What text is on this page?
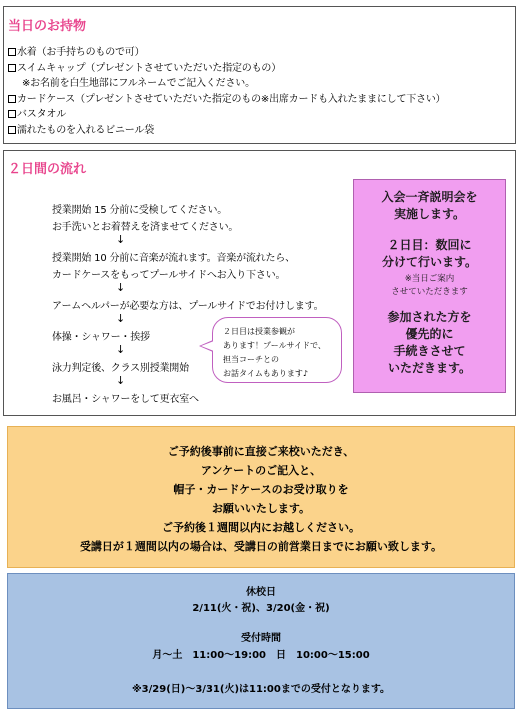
当日のお持物
水着（お手持ちのもので可）
スイムキャップ（プレゼントさせていただいた指定のもの）
※お名前を白生地部にフルネームでご記入ください。
カードケース（プレゼントさせていただいた指定のもの※出席カードも入れたままにして下さい）
バスタオル
濡れたものを入れるビニール袋
２日間の流れ
授業開始 15 分前に受検してください。
お手洗いとお着替えを済ませてください。
↓
授業開始 10 分前に音楽が流れます。音楽が流れたら、
カードケースをもってプールサイドへお入り下さい。
↓
アームヘルパーが必要な方は、プールサイドでお付けします。
↓
体操・シャワー・挨拶
↓
泳力判定後、クラス別授業開始
↓
お風呂・シャワーをして更衣室へ
２日目は授業参観が
あります！プールサイドで、
担当コーチとの
お話タイムもあります♪
入会一斉説明会を
実施します。
２日目：数回に
分けて行います。
※当日ご案内
させていただきます
参加された方を
優先的に
手続きさせて
いただきます。
ご予約後事前に直接ご来校いただき、
アンケートのご記入と、
帽子・カードケースのお受け取りを
お願いいたします。
ご予約後１週間以内にお越しください。
受講日が１週間以内の場合は、受講日の前営業日までにお願い致します。
休校日
2/11(火・祝)、3/20(金・祝)
受付時間
月～土　11:00～19:00　日　10:00～15:00
※3/29(日)～3/31(火)は11:00までの受付となります。
